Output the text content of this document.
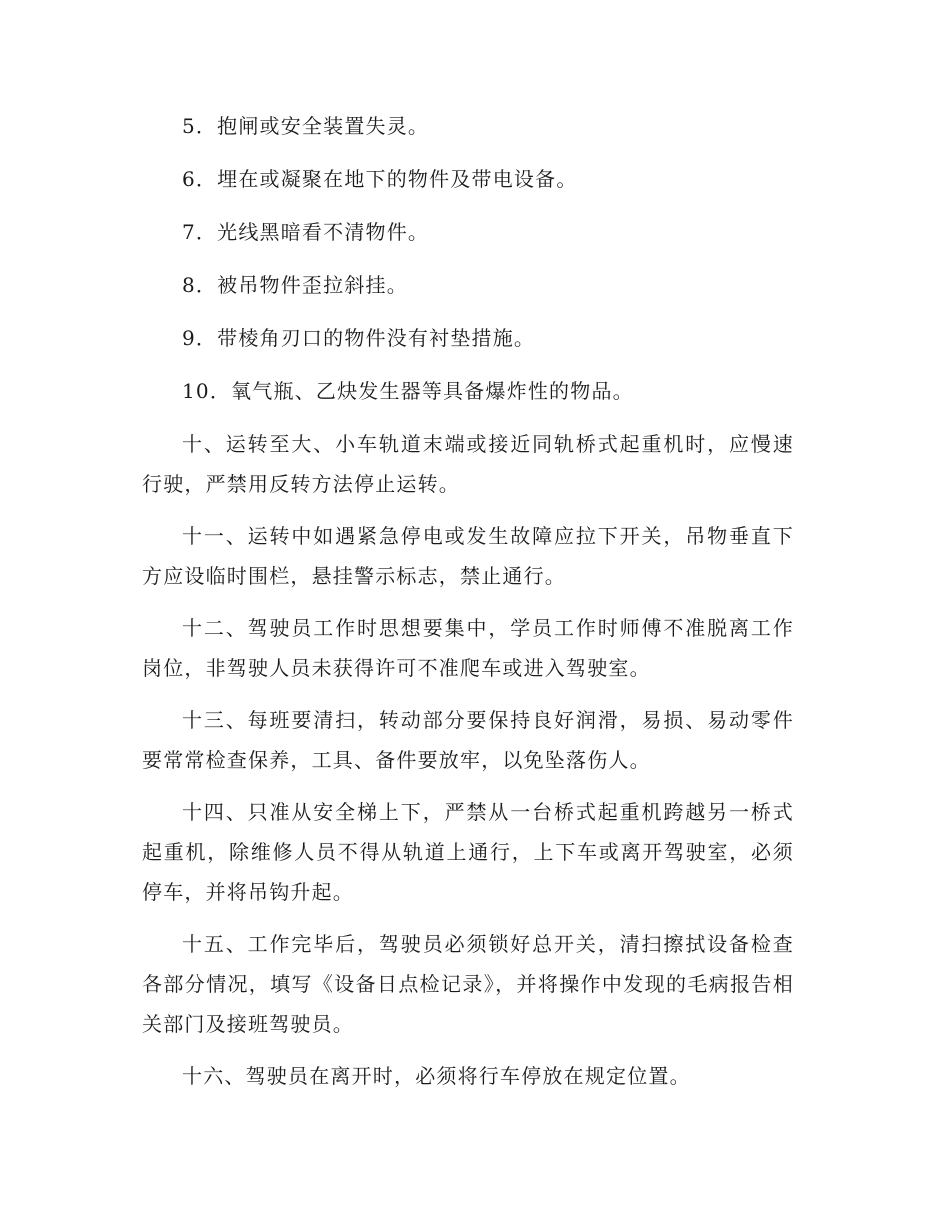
5．抱闸或安全装置失灵。

6．埋在或凝聚在地下的物件及带电设备。

7．光线黑暗看不清物件。

8．被吊物件歪拉斜挂。

9．带棱角刃口的物件没有衬垫措施。

10．氧气瓶、乙炔发生器等具备爆炸性的物品。

十、运转至大、小车轨道末端或接近同轨桥式起重机时，应慢速行驶，严禁用反转方法停止运转。

十一、运转中如遇紧急停电或发生故障应拉下开关，吊物垂直下方应设临时围栏，悬挂警示标志，禁止通行。

十二、驾驶员工作时思想要集中，学员工作时师傅不准脱离工作岗位，非驾驶人员未获得许可不准爬车或进入驾驶室。

十三、每班要清扫，转动部分要保持良好润滑，易损、易动零件要常常检查保养，工具、备件要放牢，以免坠落伤人。

十四、只准从安全梯上下，严禁从一台桥式起重机跨越另一桥式起重机，除维修人员不得从轨道上通行，上下车或离开驾驶室，必须停车，并将吊钩升起。

十五、工作完毕后，驾驶员必须锁好总开关，清扫擦拭设备检查各部分情况，填写《设备日点检记录》，并将操作中发现的毛病报告相关部门及接班驾驶员。

十六、驾驶员在离开时，必须将行车停放在规定位置。
